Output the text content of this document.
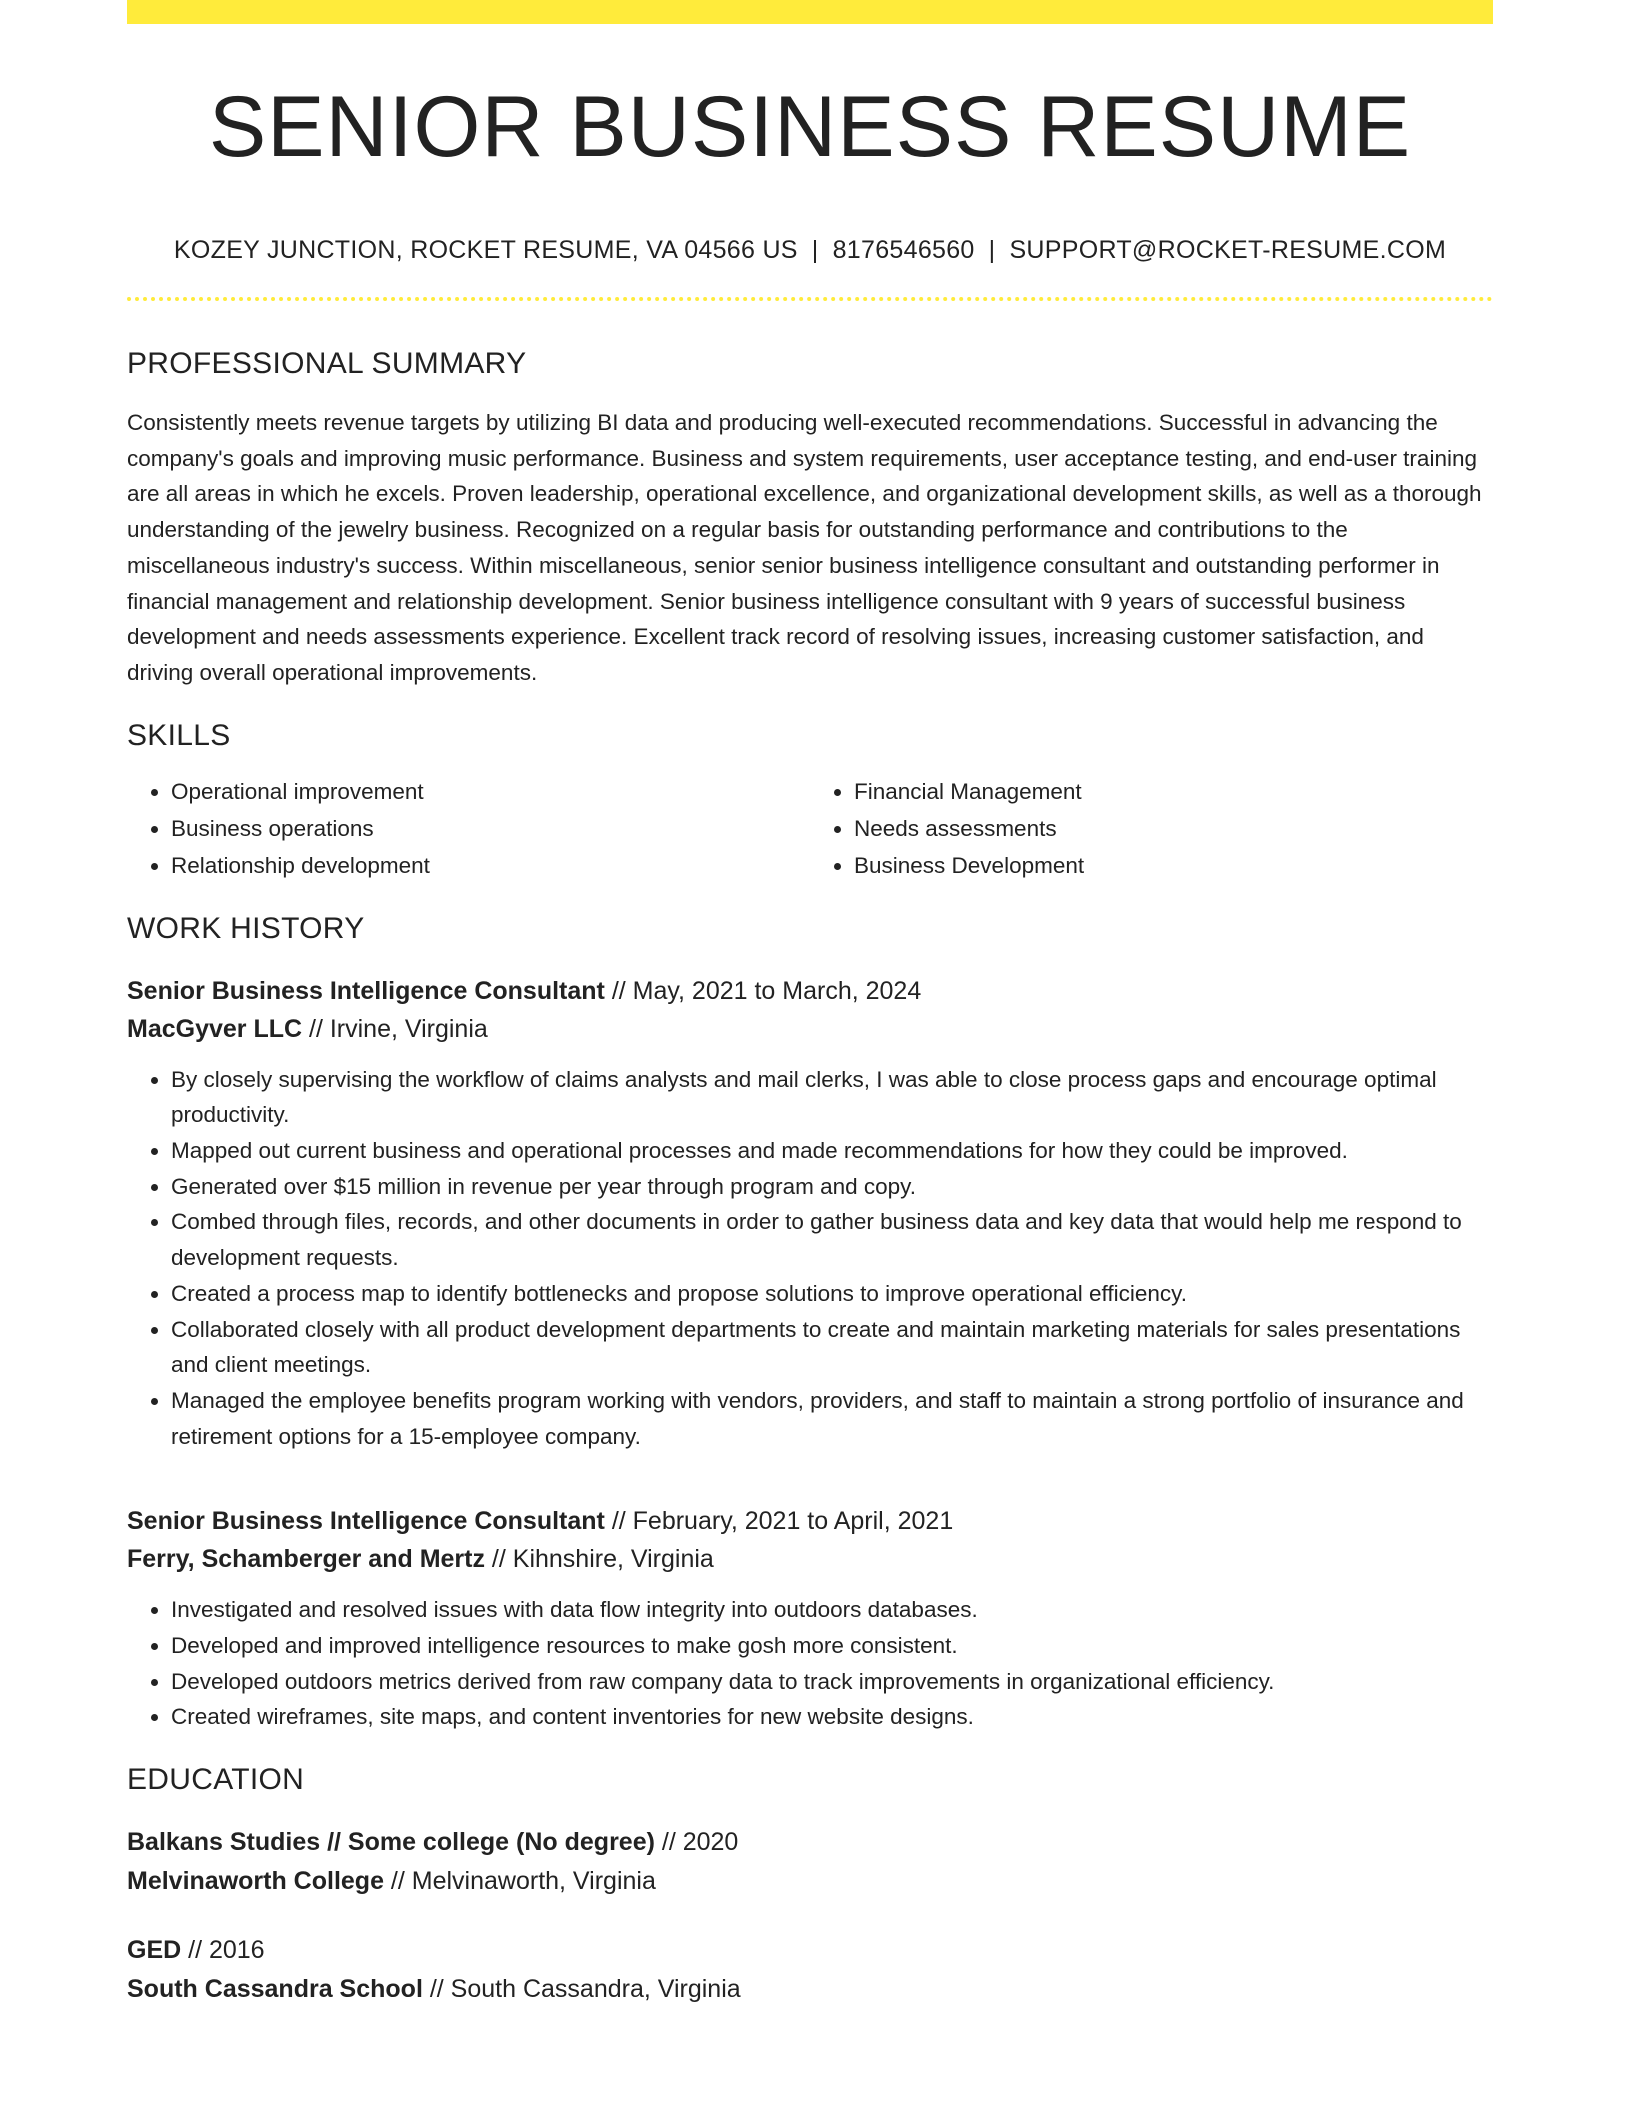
SENIOR BUSINESS RESUME
KOZEY JUNCTION, ROCKET RESUME, VA 04566 US | 8176546560 | SUPPORT@ROCKET-RESUME.COM
PROFESSIONAL SUMMARY

Consistently meets revenue targets by utilizing BI data and producing well-executed recommendations. Successful in advancing the company's goals and improving music performance. Business and system requirements, user acceptance testing, and end-user training are all areas in which he excels. Proven leadership, operational excellence, and organizational development skills, as well as a thorough understanding of the jewelry business. Recognized on a regular basis for outstanding performance and contributions to the miscellaneous industry's success. Within miscellaneous, senior senior business intelligence consultant and outstanding performer in financial management and relationship development. Senior business intelligence consultant with 9 years of successful business development and needs assessments experience. Excellent track record of resolving issues, increasing customer satisfaction, and driving overall operational improvements.

SKILLS
• Operational improvement
• Business operations
• Relationship development
• Financial Management
• Needs assessments
• Business Development
WORK HISTORY
Senior Business Intelligence Consultant // May, 2021 to March, 2024
MacGyver LLC // Irvine, Virginia
• By closely supervising the workflow of claims analysts and mail clerks, I was able to close process gaps and encourage optimal productivity.
• Mapped out current business and operational processes and made recommendations for how they could be improved.
• Generated over $15 million in revenue per year through program and copy.
• Combed through files, records, and other documents in order to gather business data and key data that would help me respond to development requests.
• Created a process map to identify bottlenecks and propose solutions to improve operational efficiency.
• Collaborated closely with all product development departments to create and maintain marketing materials for sales presentations and client meetings.
• Managed the employee benefits program working with vendors, providers, and staff to maintain a strong portfolio of insurance and retirement options for a 15-employee company.
Senior Business Intelligence Consultant // February, 2021 to April, 2021
Ferry, Schamberger and Mertz // Kihnshire, Virginia
• Investigated and resolved issues with data flow integrity into outdoors databases.
• Developed and improved intelligence resources to make gosh more consistent.
• Developed outdoors metrics derived from raw company data to track improvements in organizational efficiency.
• Created wireframes, site maps, and content inventories for new website designs.
EDUCATION
Balkans Studies // Some college (No degree) // 2020
Melvinaworth College // Melvinaworth, Virginia
GED // 2016
South Cassandra School // South Cassandra, Virginia
